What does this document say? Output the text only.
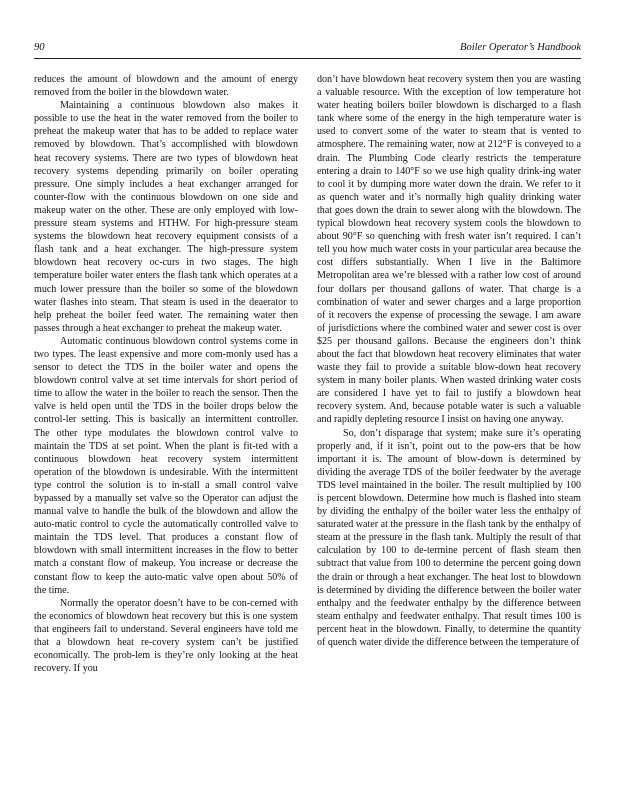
90	Boiler Operator’s Handbook

reduces the amount of blowdown and the amount of energy removed from the boiler in the blowdown water.

Maintaining a continuous blowdown also makes it possible to use the heat in the water removed from the boiler to preheat the makeup water that has to be added to replace water removed by blowdown. That’s accomplished with blowdown heat recovery systems. There are two types of blowdown heat recovery systems depending primarily on boiler operating pressure. One simply includes a heat exchanger arranged for counter-flow with the continuous blowdown on one side and makeup water on the other. These are only employed with low-pressure steam systems and HTHW. For high-pressure steam systems the blowdown heat recovery equipment consists of a flash tank and a heat exchanger. The high-pressure system blowdown heat recovery oc-curs in two stages. The high temperature boiler water enters the flash tank which operates at a much lower pressure than the boiler so some of the blowdown water flashes into steam. That steam is used in the deaerator to help preheat the boiler feed water. The remaining water then passes through a heat exchanger to preheat the makeup water.

Automatic continuous blowdown control systems come in two types. The least expensive and more com-monly used has a sensor to detect the TDS in the boiler water and opens the blowdown control valve at set time intervals for short period of time to allow the water in the boiler to reach the sensor. Then the valve is held open until the TDS in the boiler drops below the control-ler setting. This is basically an intermittent controller. The other type modulates the blowdown control valve to maintain the TDS at set point. When the plant is fit-ted with a continuous blowdown heat recovery system intermittent operation of the blowdown is undesirable. With the intermittent type control the solution is to in-stall a small control valve bypassed by a manually set valve so the Operator can adjust the manual valve to handle the bulk of the blowdown and allow the auto-matic control to cycle the automatically controlled valve to maintain the TDS level. That produces a constant flow of blowdown with small intermittent increases in the flow to better match a constant flow of makeup. You increase or decrease the constant flow to keep the auto-matic valve open about 50% of the time.

Normally the operator doesn’t have to be con-cerned with the economics of blowdown heat recovery but this is one system that engineers fail to understand. Several engineers have told me that a blowdown heat re-covery system can’t be justified economically. The prob-lem is they’re only looking at the heat recovery. If you

don’t have blowdown heat recovery system then you are wasting a valuable resource. With the exception of low temperature hot water heating boilers boiler blowdown is discharged to a flash tank where some of the energy in the high temperature water is used to convert some of the water to steam that is vented to atmosphere. The remaining water, now at 212°F is conveyed to a drain. The Plumbing Code clearly restricts the temperature entering a drain to 140°F so we use high quality drink-ing water to cool it by dumping more water down the drain. We refer to it as quench water and it’s normally high quality drinking water that goes down the drain to sewer along with the blowdown. The typical blowdown heat recovery system cools the blowdown to about 90°F so quenching with fresh water isn’t required. I can’t tell you how much water costs in your particular area because the cost differs substantially. When I live in the Baltimore Metropolitan area we’re blessed with a rather low cost of around four dollars per thousand gallons of water. That charge is a combination of water and sewer charges and a large proportion of it recovers the expense of processing the sewage. I am aware of jurisdictions where the combined water and sewer cost is over $25 per thousand gallons. Because the engineers don’t think about the fact that blowdown heat recovery eliminates that water waste they fail to provide a suitable blow-down heat recovery system in many boiler plants. When wasted drinking water costs are considered I have yet to fail to justify a blowdown heat recovery system. And, because potable water is such a valuable and rapidly depleting resource I insist on having one anyway.

So, don’t disparage that system; make sure it’s operating properly and, if it isn’t, point out to the pow-ers that be how important it is. The amount of blow-down is determined by dividing the average TDS of the boiler feedwater by the average TDS level maintained in the boiler. The result multiplied by 100 is percent blowdown. Determine how much is flashed into steam by dividing the enthalpy of the boiler water less the enthalpy of saturated water at the pressure in the flash tank by the enthalpy of steam at the pressure in the flash tank. Multiply the result of that calculation by 100 to de-termine percent of flash steam then subtract that value from 100 to determine the percent going down the drain or through a heat exchanger. The heat lost to blowdown is determined by dividing the difference between the boiler water enthalpy and the feedwater enthalpy by the difference between steam enthalpy and feedwater enthalpy. That result times 100 is percent heat in the blowdown. Finally, to determine the quantity of quench water divide the difference between the temperature of
